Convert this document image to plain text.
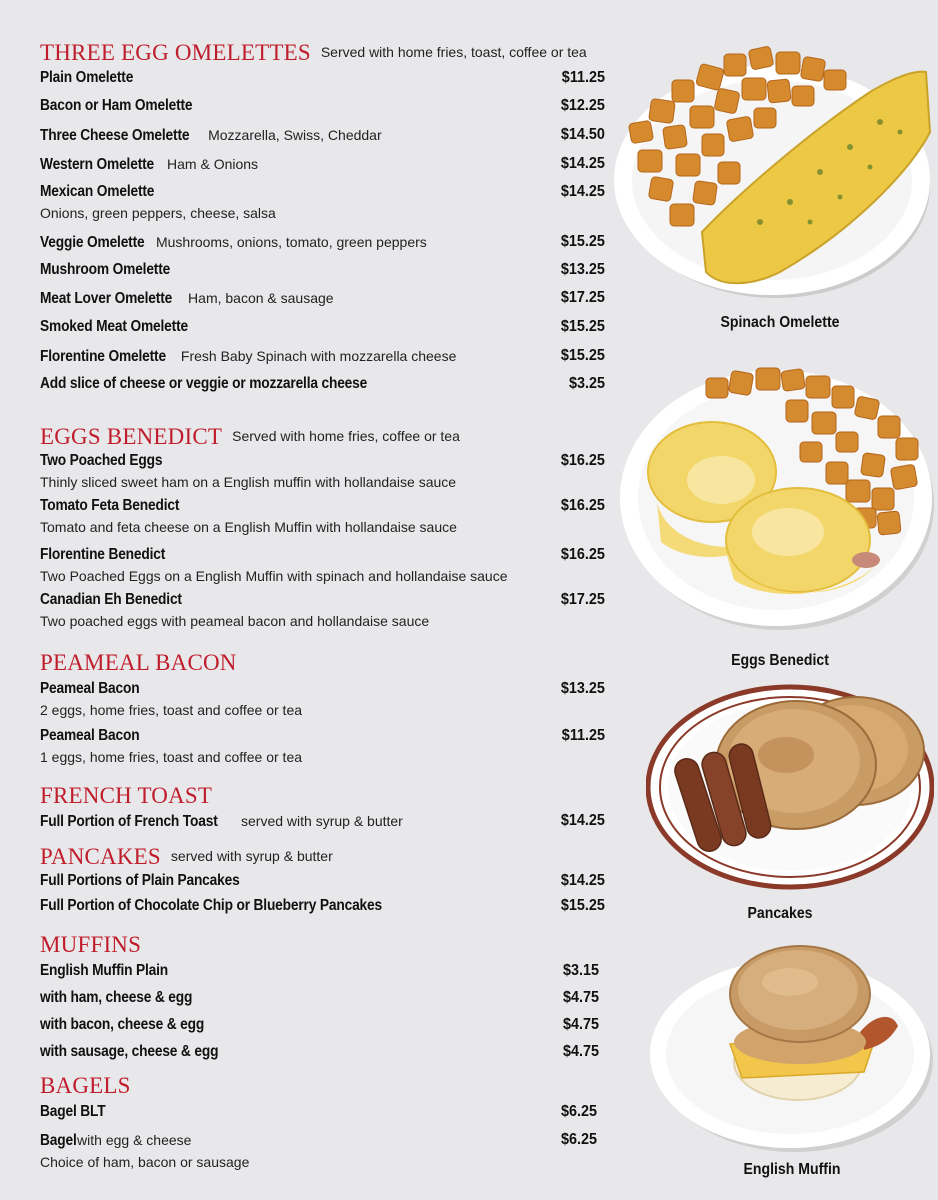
THREE EGG OMELETTES $^{Served with home fries, toast, coffee or tea}$
Plain Omelette	$11.25
Bacon or Ham Omelette	$12.25
Three Cheese Omelette Mozzarella, Swiss, Cheddar	$14.50
Western Omelette Ham & Onions	$14.25
Mexican Omelette	$14.25
Onions, green peppers, cheese, salsa
Veggie Omelette Mushrooms, onions, tomato, green peppers	$15.25
Mushroom Omelette	$13.25
Meat Lover Omelette Ham, bacon & sausage	$17.25
Smoked Meat Omelette	$15.25
Florentine Omelette Fresh Baby Spinach with mozzarella cheese	$15.25
Add slice of cheese or veggie or mozzarella cheese	$3.25
EGGS BENEDICT $^{Served with home fries, coffee or tea}$
Two Poached Eggs	$16.25
Thinly sliced sweet ham on a English muffin with hollandaise sauce
Tomato Feta Benedict	$16.25
Tomato and feta cheese on a English Muffin with hollandaise sauce
Florentine Benedict	$16.25
Two Poached Eggs on a English Muffin with spinach and hollandaise sauce
Canadian Eh Benedict	$17.25
Two poached eggs with peameal bacon and hollandaise sauce
PEAMEAL BACON
Peameal Bacon	$13.25
2 eggs, home fries, toast and coffee or tea
Peameal Bacon	$11.25
1 eggs, home fries, toast and coffee or tea
FRENCH TOAST
Full Portion of French Toast served with syrup & butter	$14.25
PANCAKES $^{served with syrup \& butter}$
Full Portions of Plain Pancakes	$14.25
Full Portion of Chocolate Chip or Blueberry Pancakes	$15.25
MUFFINS
English Muffin Plain	$3.15
with ham, cheese & egg	$4.75
with bacon, cheese & egg	$4.75
with sausage, cheese & egg	$4.75
BAGELS
Bagel BLT	$6.25
Bagel with egg & cheese	$6.25
Choice of ham, bacon or sausage
Spinach Omelette
Eggs Benedict
Pancakes
English Muffin
